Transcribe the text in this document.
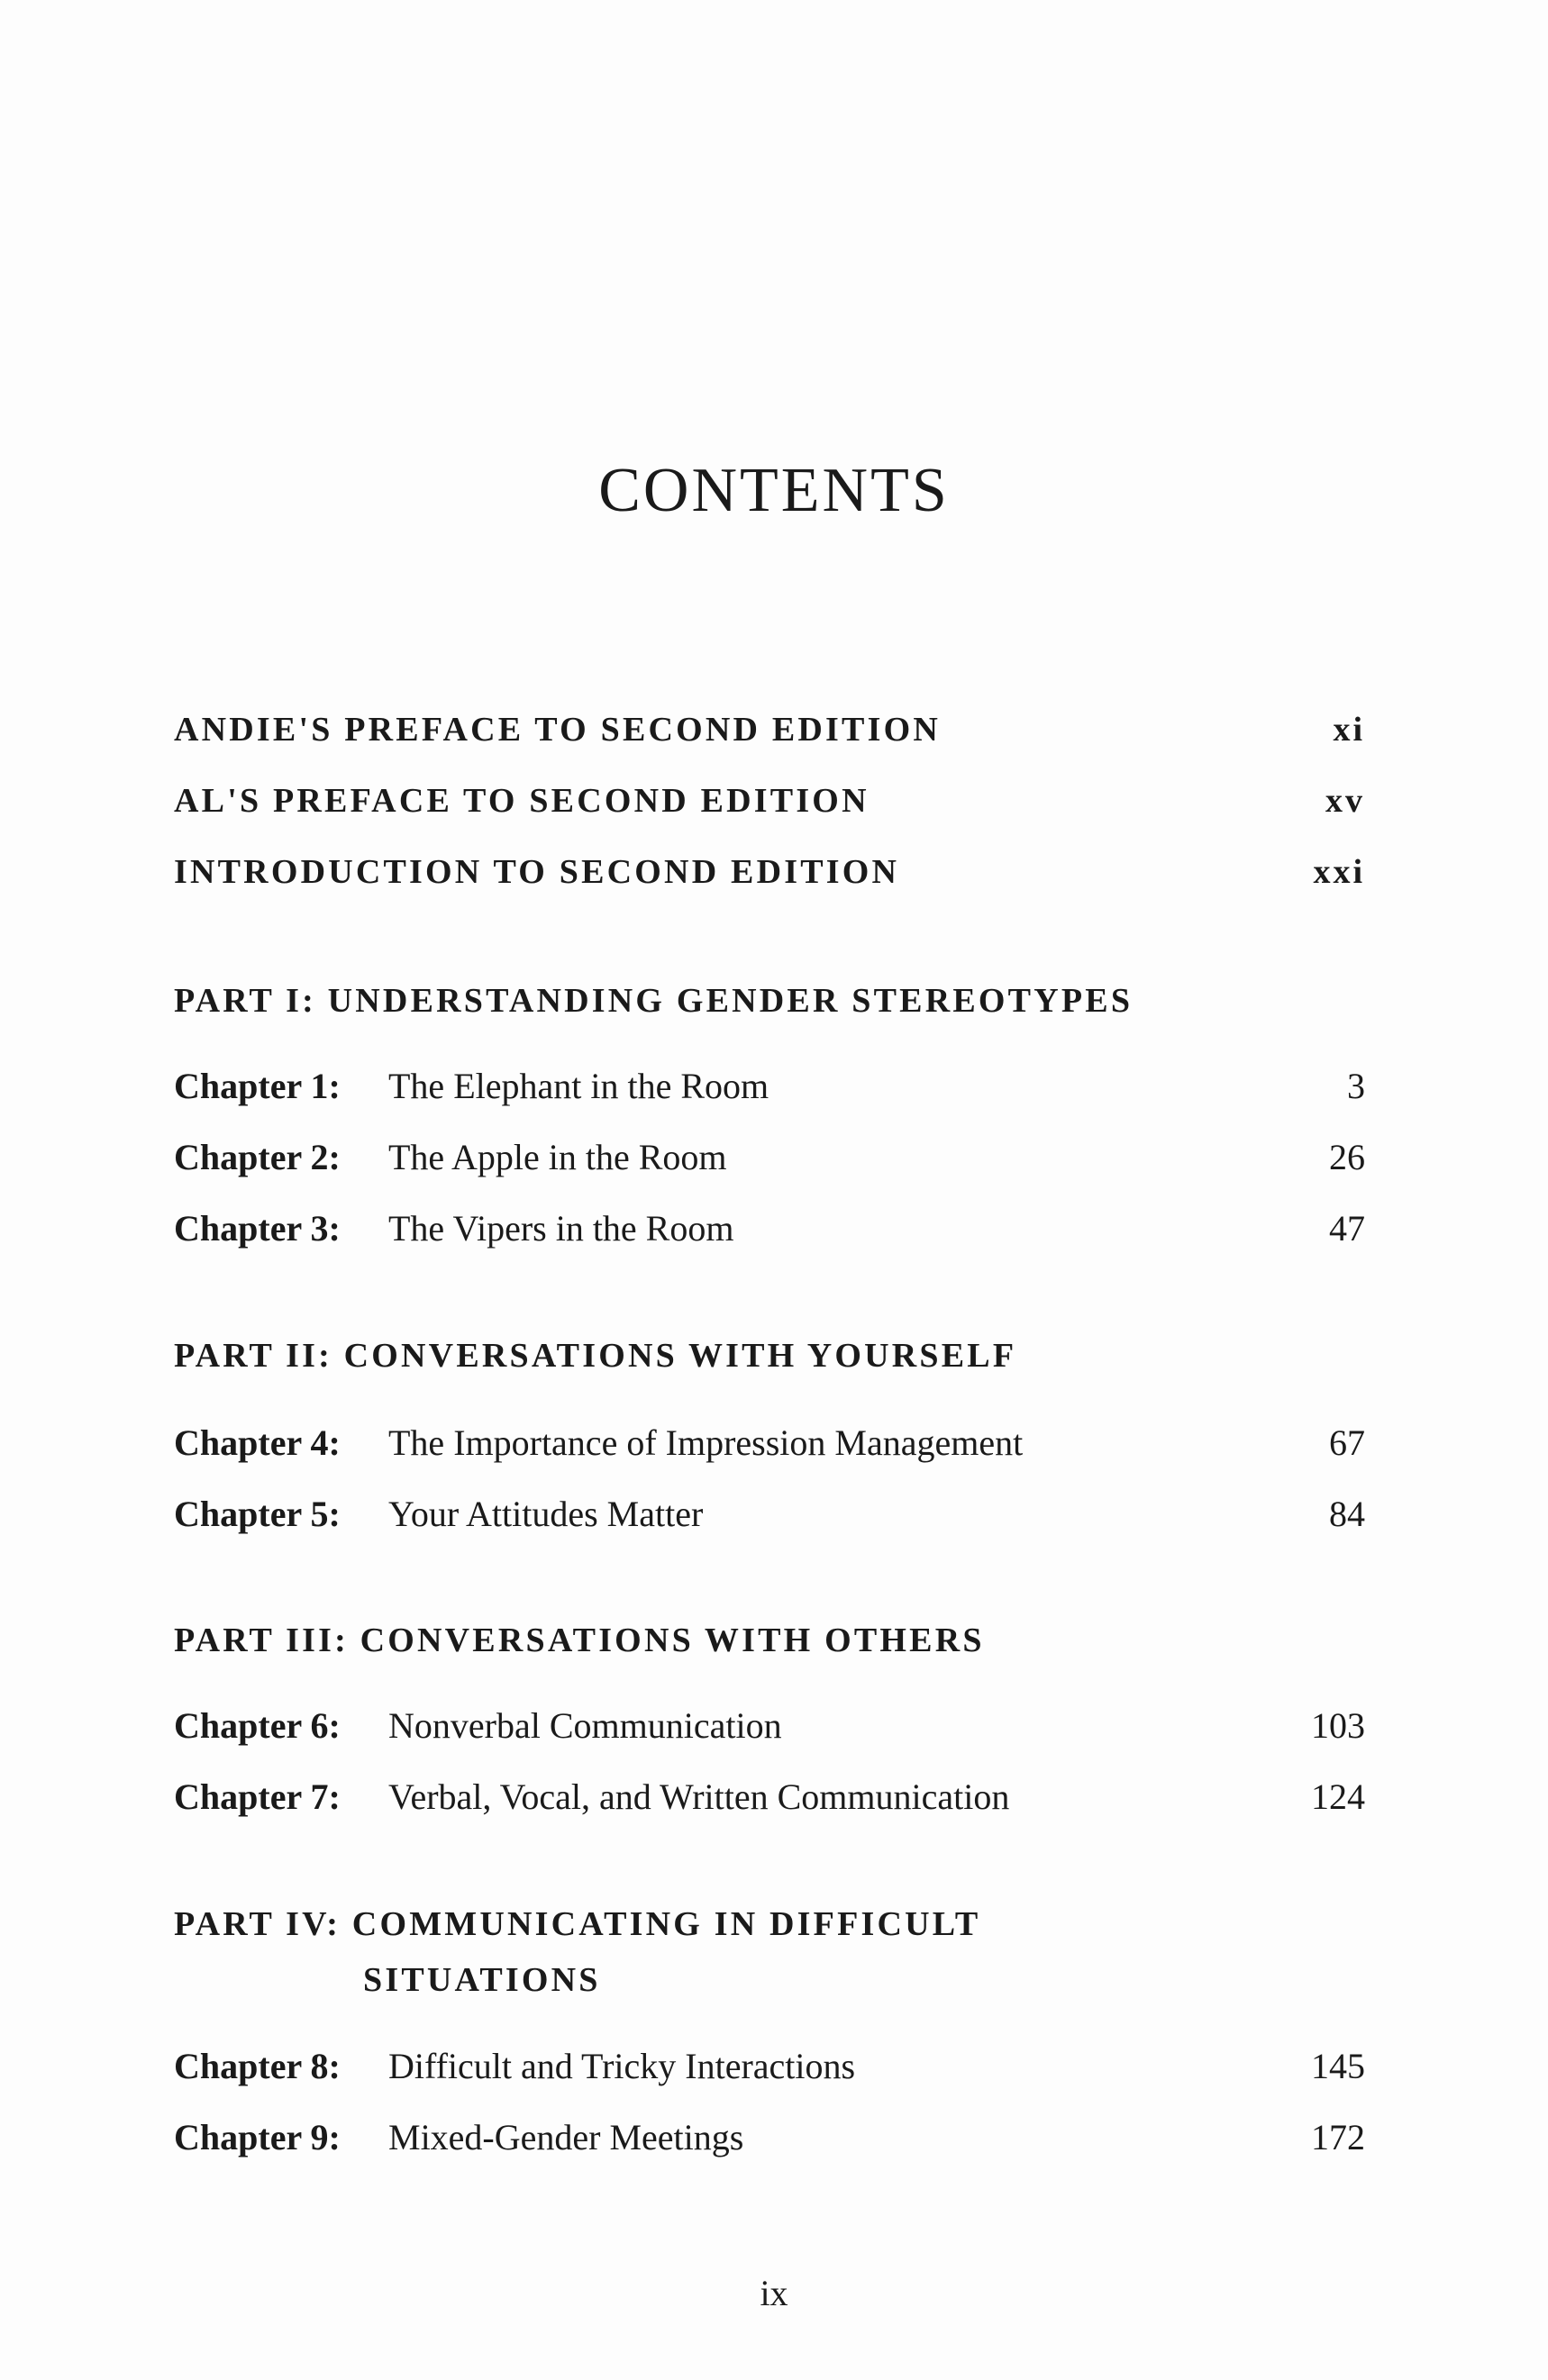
CONTENTS
ANDIE'S PREFACE TO SECOND EDITION	xi
AL'S PREFACE TO SECOND EDITION	xv
INTRODUCTION TO SECOND EDITION	xxi
PART I: UNDERSTANDING GENDER STEREOTYPES
Chapter 1: The Elephant in the Room	3
Chapter 2: The Apple in the Room	26
Chapter 3: The Vipers in the Room	47
PART II: CONVERSATIONS WITH YOURSELF
Chapter 4: The Importance of Impression Management	67
Chapter 5: Your Attitudes Matter	84
PART III: CONVERSATIONS WITH OTHERS
Chapter 6: Nonverbal Communication	103
Chapter 7: Verbal, Vocal, and Written Communication	124
PART IV: COMMUNICATING IN DIFFICULT
SITUATIONS
Chapter 8: Difficult and Tricky Interactions	145
Chapter 9: Mixed-Gender Meetings	172
ix
